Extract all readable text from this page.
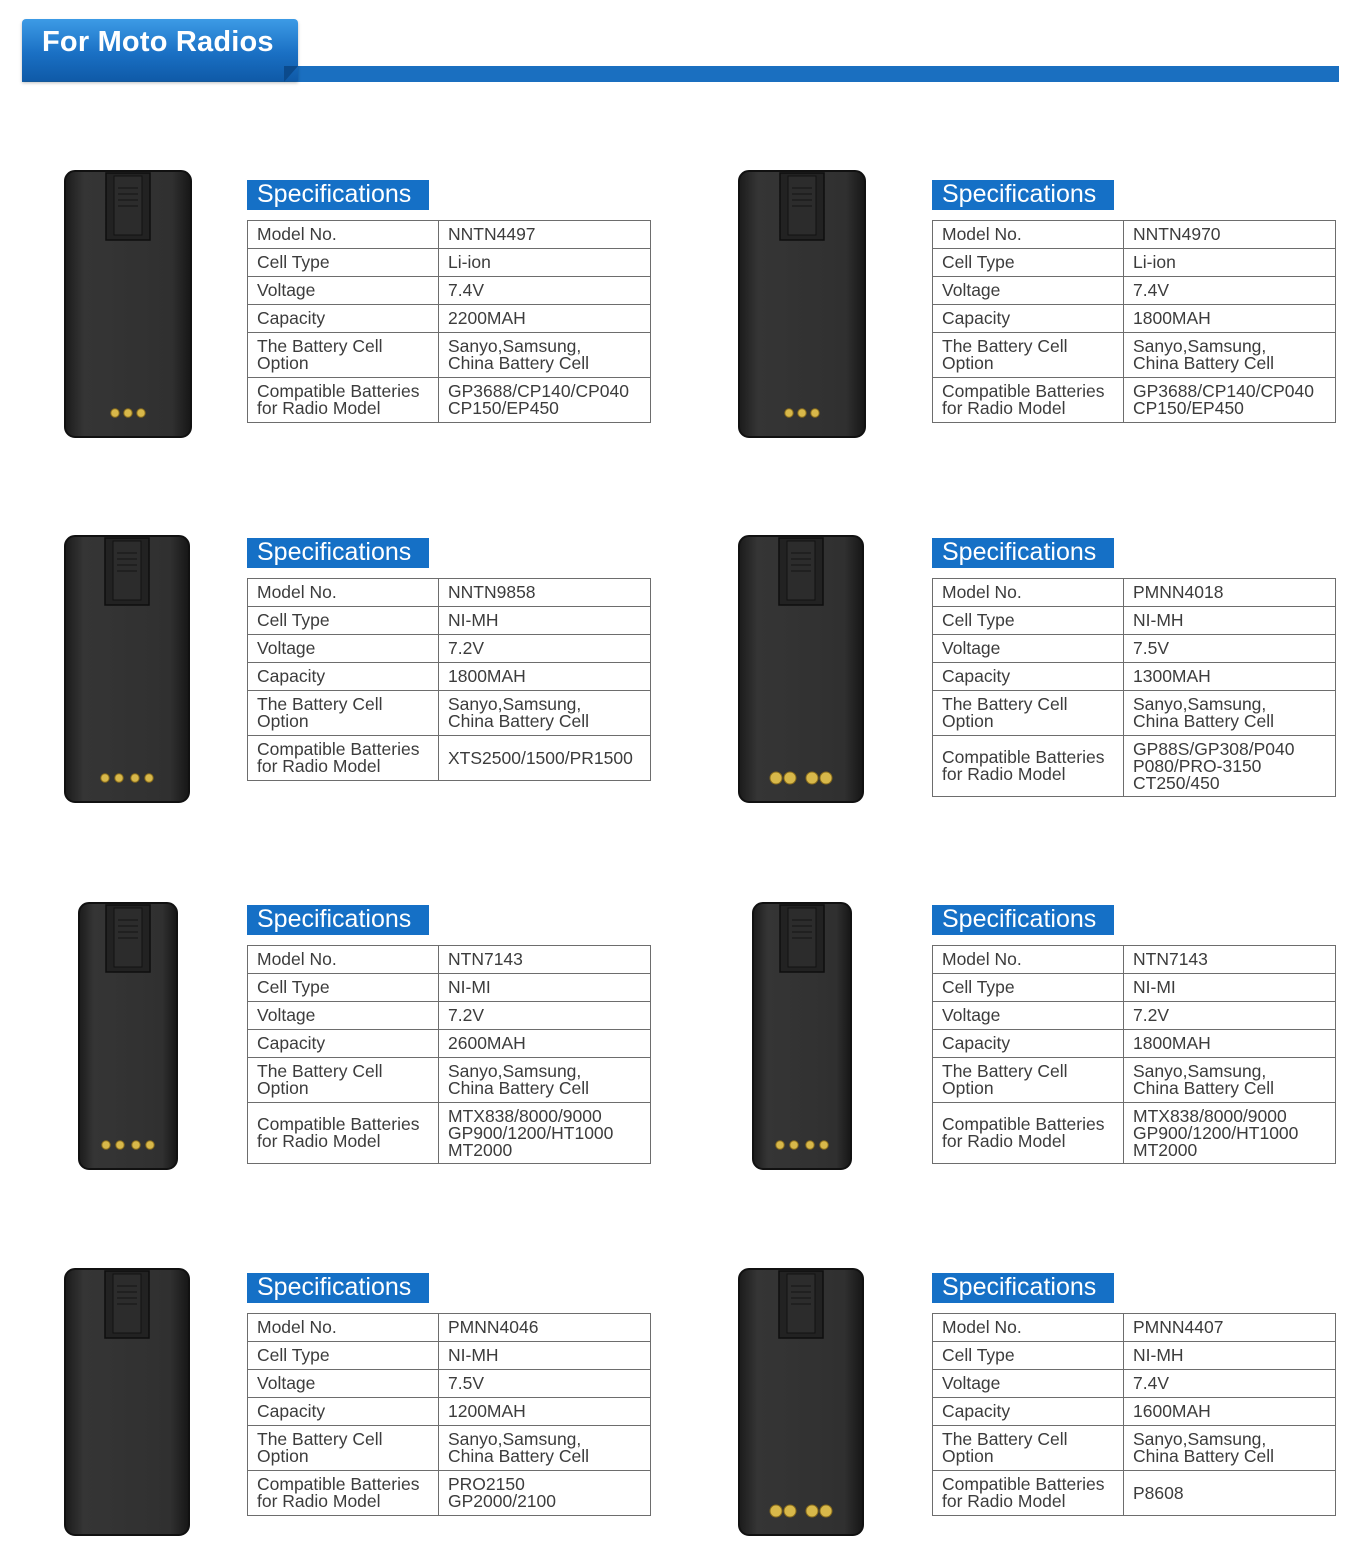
For Moto Radios
Specifications
Model No.	NNTN4497
Cell Type	Li-ion
Voltage	7.4V
Capacity	2200MAH
The Battery Cell
Option	Sanyo,Samsung,
China Battery Cell
Compatible Batteries
for Radio Model	GP3688/CP140/CP040
CP150/EP450
Specifications
Model No.	NNTN4970
Cell Type	Li-ion
Voltage	7.4V
Capacity	1800MAH
The Battery Cell
Option	Sanyo,Samsung,
China Battery Cell
Compatible Batteries
for Radio Model	GP3688/CP140/CP040
CP150/EP450
Specifications
Model No.	NNTN9858
Cell Type	NI-MH
Voltage	7.2V
Capacity	1800MAH
The Battery Cell
Option	Sanyo,Samsung,
China Battery Cell
Compatible Batteries
for Radio Model	XTS2500/1500/PR1500
Specifications
Model No.	PMNN4018
Cell Type	NI-MH
Voltage	7.5V
Capacity	1300MAH
The Battery Cell
Option	Sanyo,Samsung,
China Battery Cell
Compatible Batteries
for Radio Model	GP88S/GP308/P040
P080/PRO-3150
CT250/450
Specifications
Model No.	NTN7143
Cell Type	NI-MI
Voltage	7.2V
Capacity	2600MAH
The Battery Cell
Option	Sanyo,Samsung,
China Battery Cell
Compatible Batteries
for Radio Model	MTX838/8000/9000
GP900/1200/HT1000
MT2000
Specifications
Model No.	NTN7143
Cell Type	NI-MI
Voltage	7.2V
Capacity	1800MAH
The Battery Cell
Option	Sanyo,Samsung,
China Battery Cell
Compatible Batteries
for Radio Model	MTX838/8000/9000
GP900/1200/HT1000
MT2000
Specifications
Model No.	PMNN4046
Cell Type	NI-MH
Voltage	7.5V
Capacity	1200MAH
The Battery Cell
Option	Sanyo,Samsung,
China Battery Cell
Compatible Batteries
for Radio Model	PRO2150
GP2000/2100
Specifications
Model No.	PMNN4407
Cell Type	NI-MH
Voltage	7.4V
Capacity	1600MAH
The Battery Cell
Option	Sanyo,Samsung,
China Battery Cell
Compatible Batteries
for Radio Model	P8608
